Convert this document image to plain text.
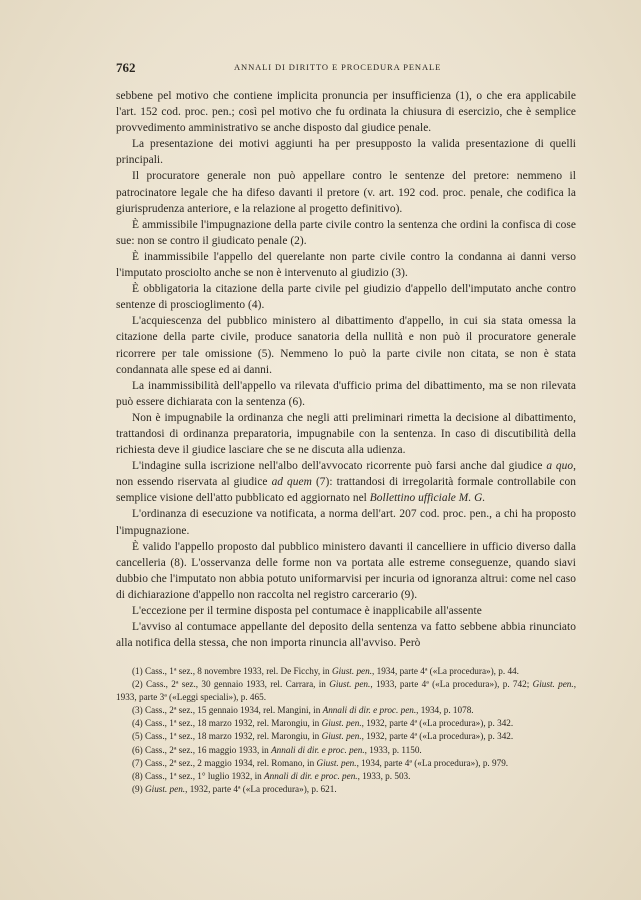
762	ANNALI DI DIRITTO E PROCEDURA PENALE

sebbene pel motivo che contiene implicita pronuncia per insufficienza (1), o che era applicabile l'art. 152 cod. proc. pen.; così pel motivo che fu ordinata la chiusura di esercizio, che è semplice provvedimento amministrativo se anche disposto dal giudice penale.

La presentazione dei motivi aggiunti ha per presupposto la valida presentazione di quelli principali.

Il procuratore generale non può appellare contro le sentenze del pretore: nemmeno il patrocinatore legale che ha difeso davanti il pretore (v. art. 192 cod. proc. penale, che codifica la giurisprudenza anteriore, e la relazione al progetto definitivo).

È ammissibile l'impugnazione della parte civile contro la sentenza che ordini la confisca di cose sue: non se contro il giudicato penale (2).

È inammissibile l'appello del querelante non parte civile contro la condanna ai danni verso l'imputato prosciolto anche se non è intervenuto al giudizio (3).

È obbligatoria la citazione della parte civile pel giudizio d'appello dell'imputato anche contro sentenze di proscioglimento (4).

L'acquiescenza del pubblico ministero al dibattimento d'appello, in cui sia stata omessa la citazione della parte civile, produce sanatoria della nullità e non può il procuratore generale ricorrere per tale omissione (5). Nemmeno lo può la parte civile non citata, se non è stata condannata alle spese ed ai danni.

La inammissibilità dell'appello va rilevata d'ufficio prima del dibattimento, ma se non rilevata può essere dichiarata con la sentenza (6).

Non è impugnabile la ordinanza che negli atti preliminari rimetta la decisione al dibattimento, trattandosi di ordinanza preparatoria, impugnabile con la sentenza. In caso di discutibilità della richiesta deve il giudice lasciare che se ne discuta alla udienza.

L'indagine sulla iscrizione nell'albo dell'avvocato ricorrente può farsi anche dal giudice a quo, non essendo riservata al giudice ad quem (7): trattandosi di irregolarità formale controllabile con semplice visione dell'atto pubblicato ed aggiornato nel Bollettino ufficiale M. G.

L'ordinanza di esecuzione va notificata, a norma dell'art. 207 cod. proc. pen., a chi ha proposto l'impugnazione.

È valido l'appello proposto dal pubblico ministero davanti il cancelliere in ufficio diverso dalla cancelleria (8). L'osservanza delle forme non va portata alle estreme conseguenze, quando siavi dubbio che l'imputato non abbia potuto uniformarvisi per incuria od ignoranza altrui: come nel caso di dichiarazione d'appello non raccolta nel registro carcerario (9).

L'eccezione per il termine disposta pel contumace è inapplicabile all'assente

L'avviso al contumace appellante del deposito della sentenza va fatto sebbene abbia rinunciato alla notifica della stessa, che non importa rinuncia all'avviso. Però

(1) Cass., 1ª sez., 8 novembre 1933, rel. De Ficchy, in Giust. pen., 1934, parte 4ª («La procedura»), p. 44.

(2) Cass., 2ª sez., 30 gennaio 1933, rel. Carrara, in Giust. pen., 1933, parte 4ª («La procedura»), p. 742; Giust. pen., 1933, parte 3ª («Leggi speciali»), p. 465.

(3) Cass., 2ª sez., 15 gennaio 1934, rel. Mangini, in Annali di dir. e proc. pen., 1934, p. 1078.

(4) Cass., 1ª sez., 18 marzo 1932, rel. Marongiu, in Giust. pen., 1932, parte 4ª («La procedura»), p. 342.

(5) Cass., 1ª sez., 18 marzo 1932, rel. Marongiu, in Giust. pen., 1932, parte 4ª («La procedura»), p. 342.

(6) Cass., 2ª sez., 16 maggio 1933, in Annali di dir. e proc. pen., 1933, p. 1150.

(7) Cass., 2ª sez., 2 maggio 1934, rel. Romano, in Giust. pen., 1934, parte 4ª («La procedura»), p. 979.

(8) Cass., 1ª sez., 1° luglio 1932, in Annali di dir. e proc. pen., 1933, p. 503.

(9) Giust. pen., 1932, parte 4ª («La procedura»), p. 621.
